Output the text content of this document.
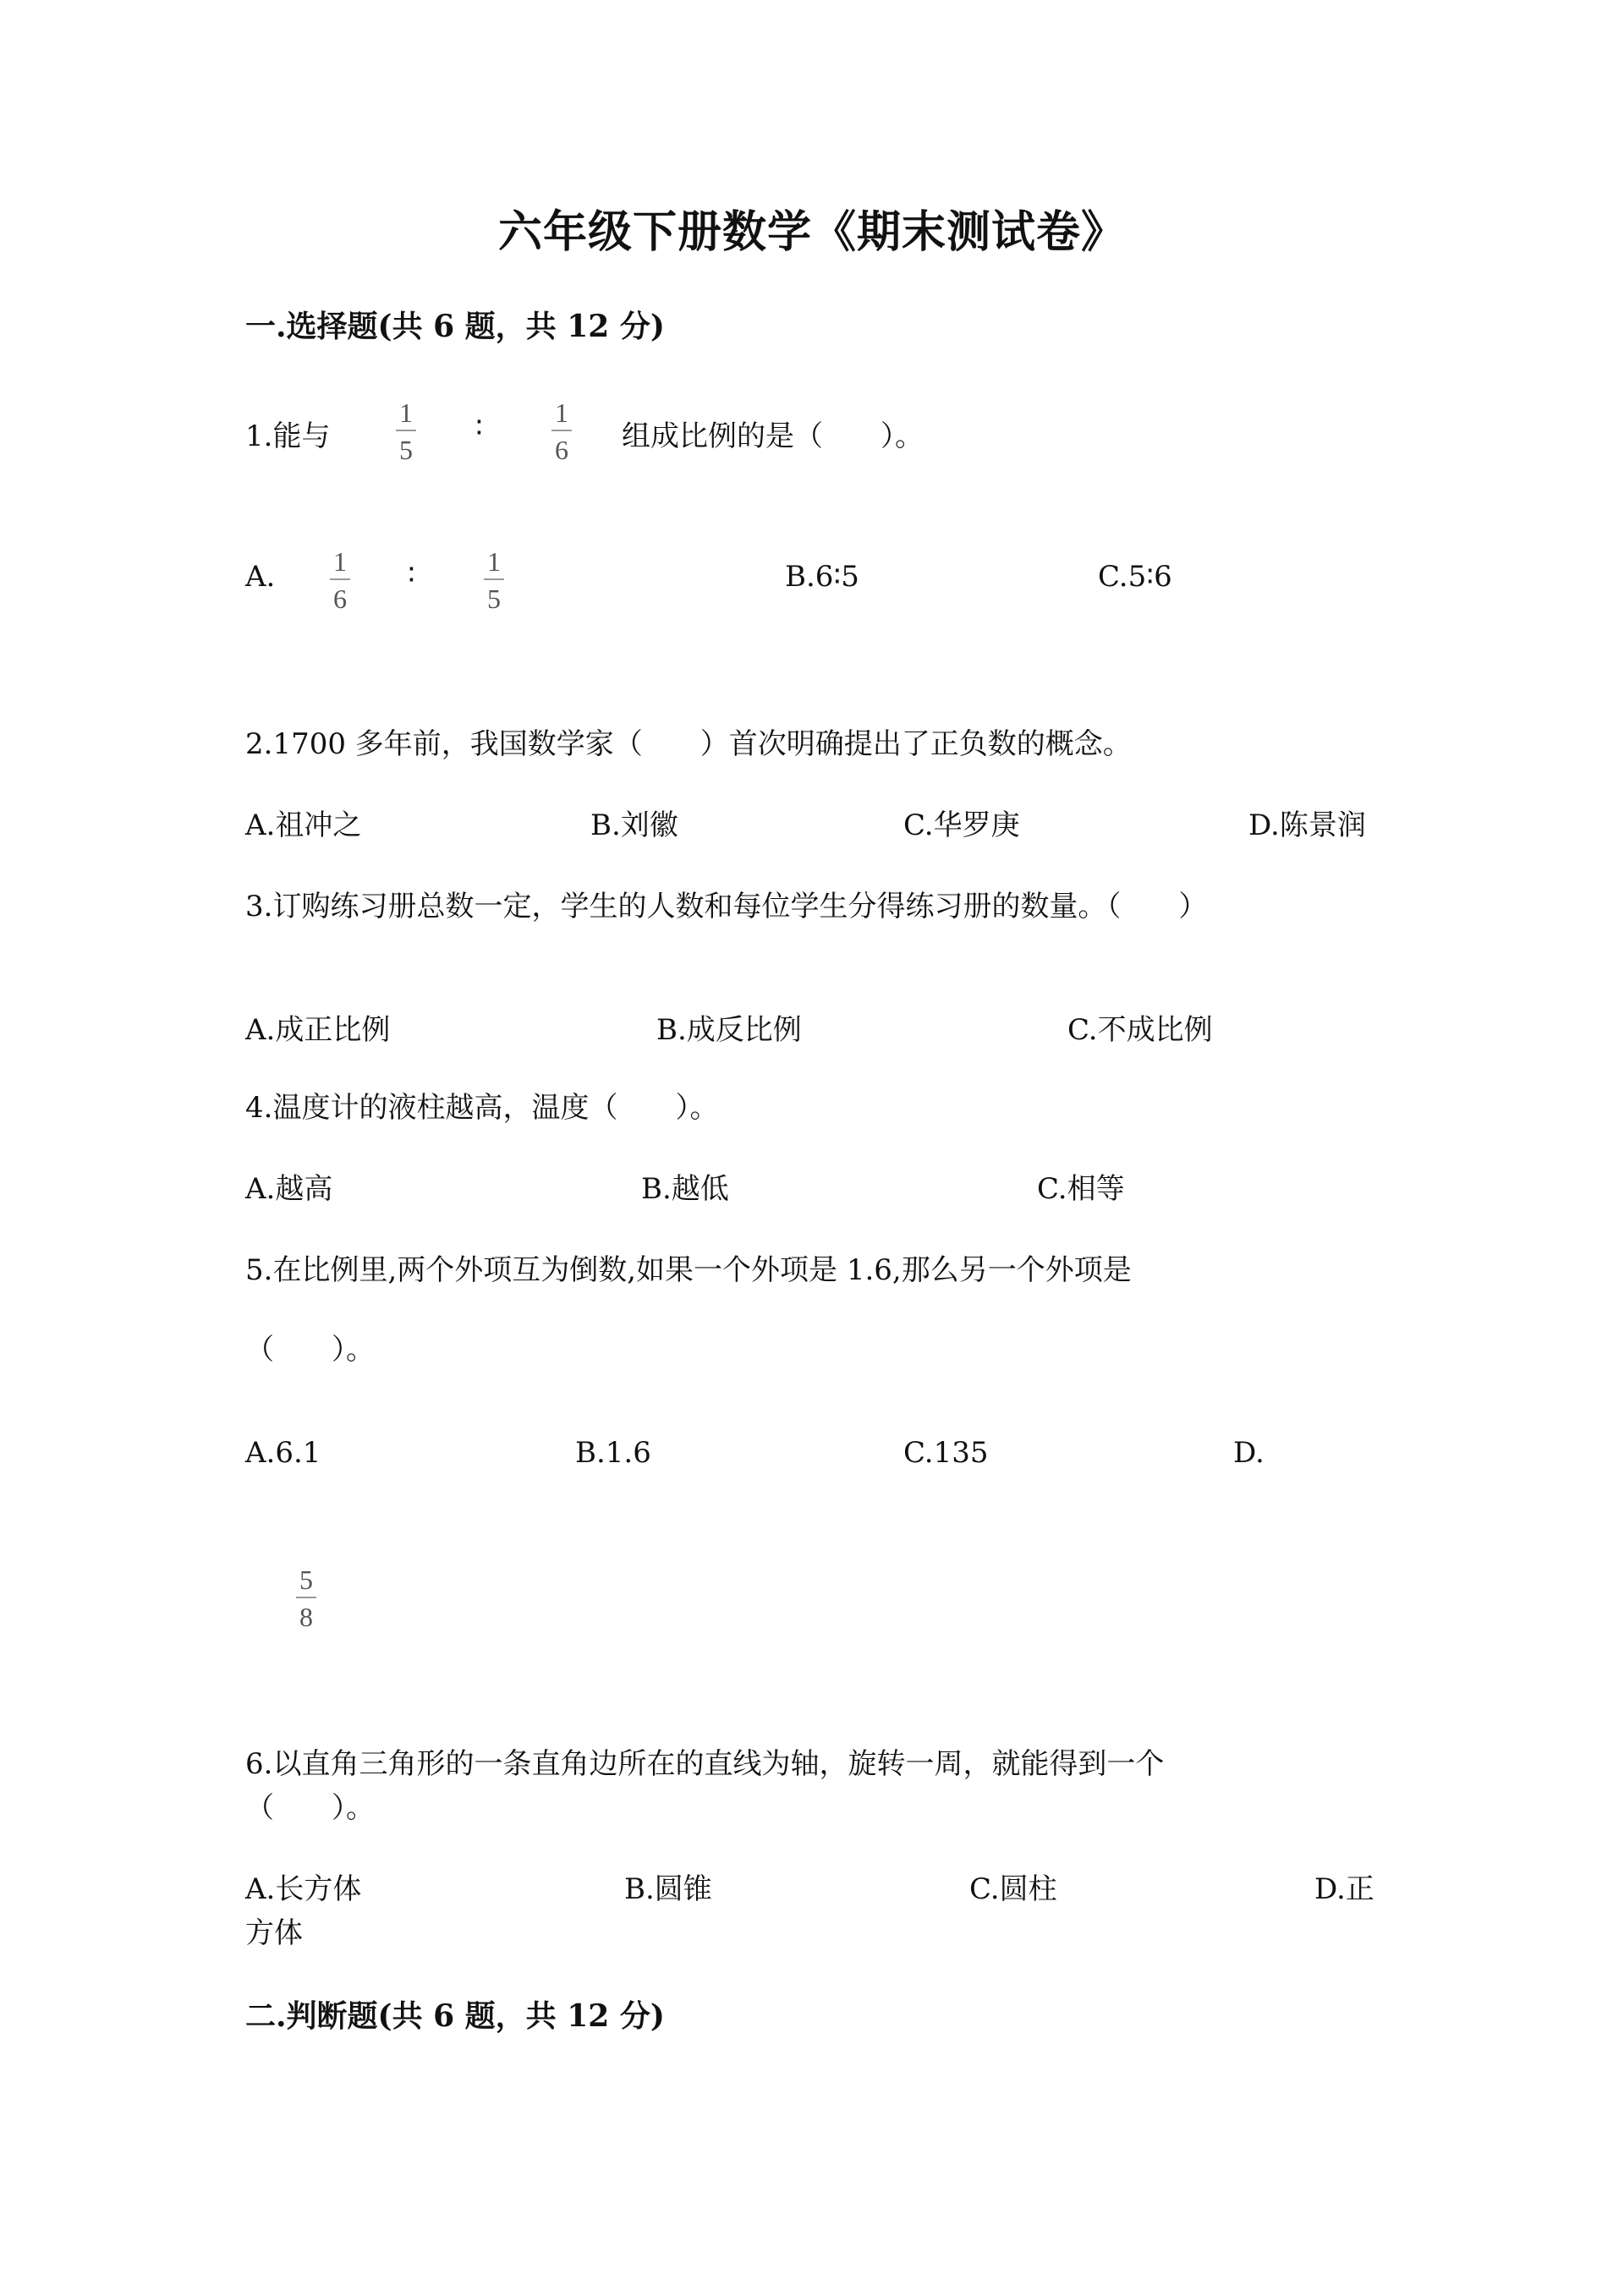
六年级下册数学《期末测试卷》
一.选择题(共 6 题，共 12 分)
1.能与
1
5
∶	1
6 组成比例的是（　　）。
A. 1
6
∶	1
5
B.6∶5	C.5∶6
2.1700 多年前，我国数学家（　　）首次明确提出了正负数的概念。
A.祖冲之	B.刘徽	C.华罗庚	D.陈景润
3.订购练习册总数一定，学生的人数和每位学生分得练习册的数量。（　　）
A.成正比例	B.成反比例	C.不成比例
4.温度计的液柱越高，温度（　　）。
A.越高	B.越低	C.相等
5.在比例里,两个外项互为倒数,如果一个外项是 1.6,那么另一个外项是
（　　）。
A.6.1	B.1.6	C.135	D.
5
8
6.以直角三角形的一条直角边所在的直线为轴，旋转一周，就能得到一个
（　　）。
A.长方体	B.圆锥	C.圆柱	D.正
方体
二.判断题(共 6 题，共 12 分)
